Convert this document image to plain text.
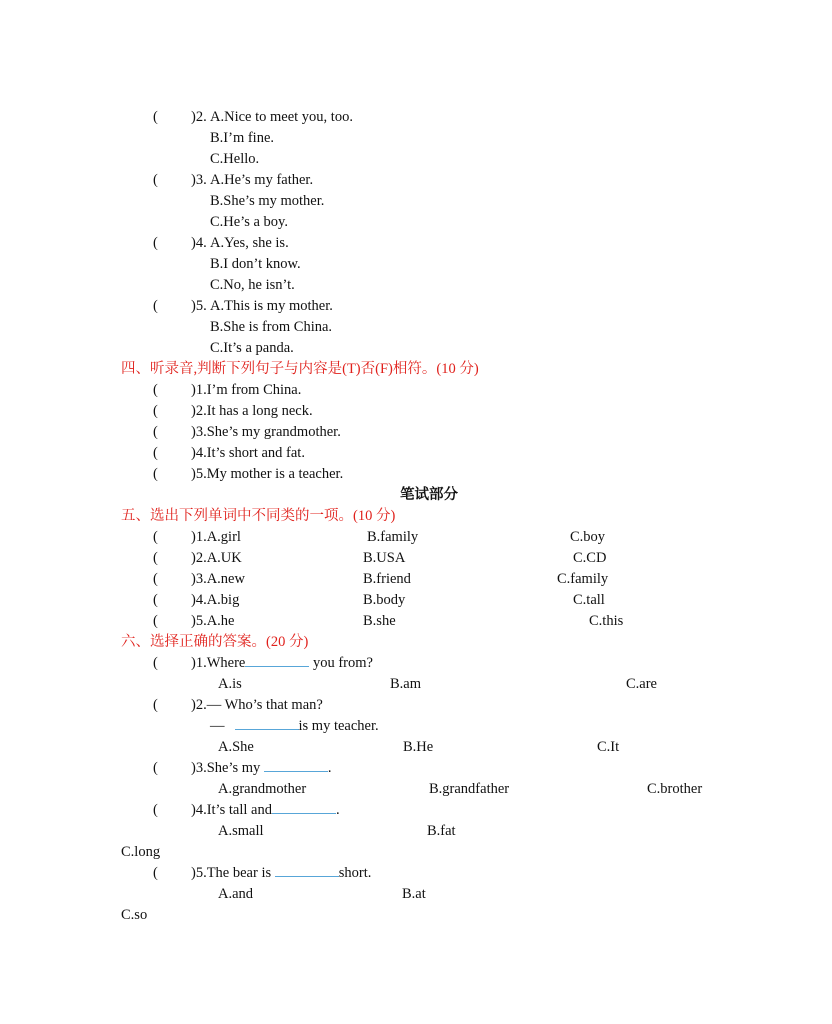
( )2. A.Nice to meet you, too.
B.I’m fine.
C.Hello.
( )3. A.He’s my father.
B.She’s my mother.
C.He’s a boy.
( )4. A.Yes, she is.
B.I don’t know.
C.No, he isn’t.
( )5. A.This is my mother.
B.She is from China.
C.It’s a panda.
四、听录音,判断下列句子与内容是(T)否(F)相符。(10 分)
( )1.I’m from China.
( )2.It has a long neck.
( )3.She’s my grandmother.
( )4.It’s short and fat.
( )5.My mother is a teacher.
笔试部分
五、选出下列单词中不同类的一项。(10 分)
( )1.A.girl	B.family	C.boy
( )2.A.UK	B.USA	C.CD
( )3.A.new	B.friend	C.family
( )4.A.big	B.body	C.tall
( )5.A.he	B.she	C.this
六、选择正确的答案。(20 分)
( )1.Where	you from?
A.is	B.am	C.are
( )2.— Who’s that man?
—	is my teacher.
A.She	B.He	C.It
( )3.She’s my	.
A.grandmother	B.grandfather	C.brother
( )4.It’s tall and	.
A.small	B.fat
C.long
( )5.The bear is	short.
A.and	B.at
C.so
